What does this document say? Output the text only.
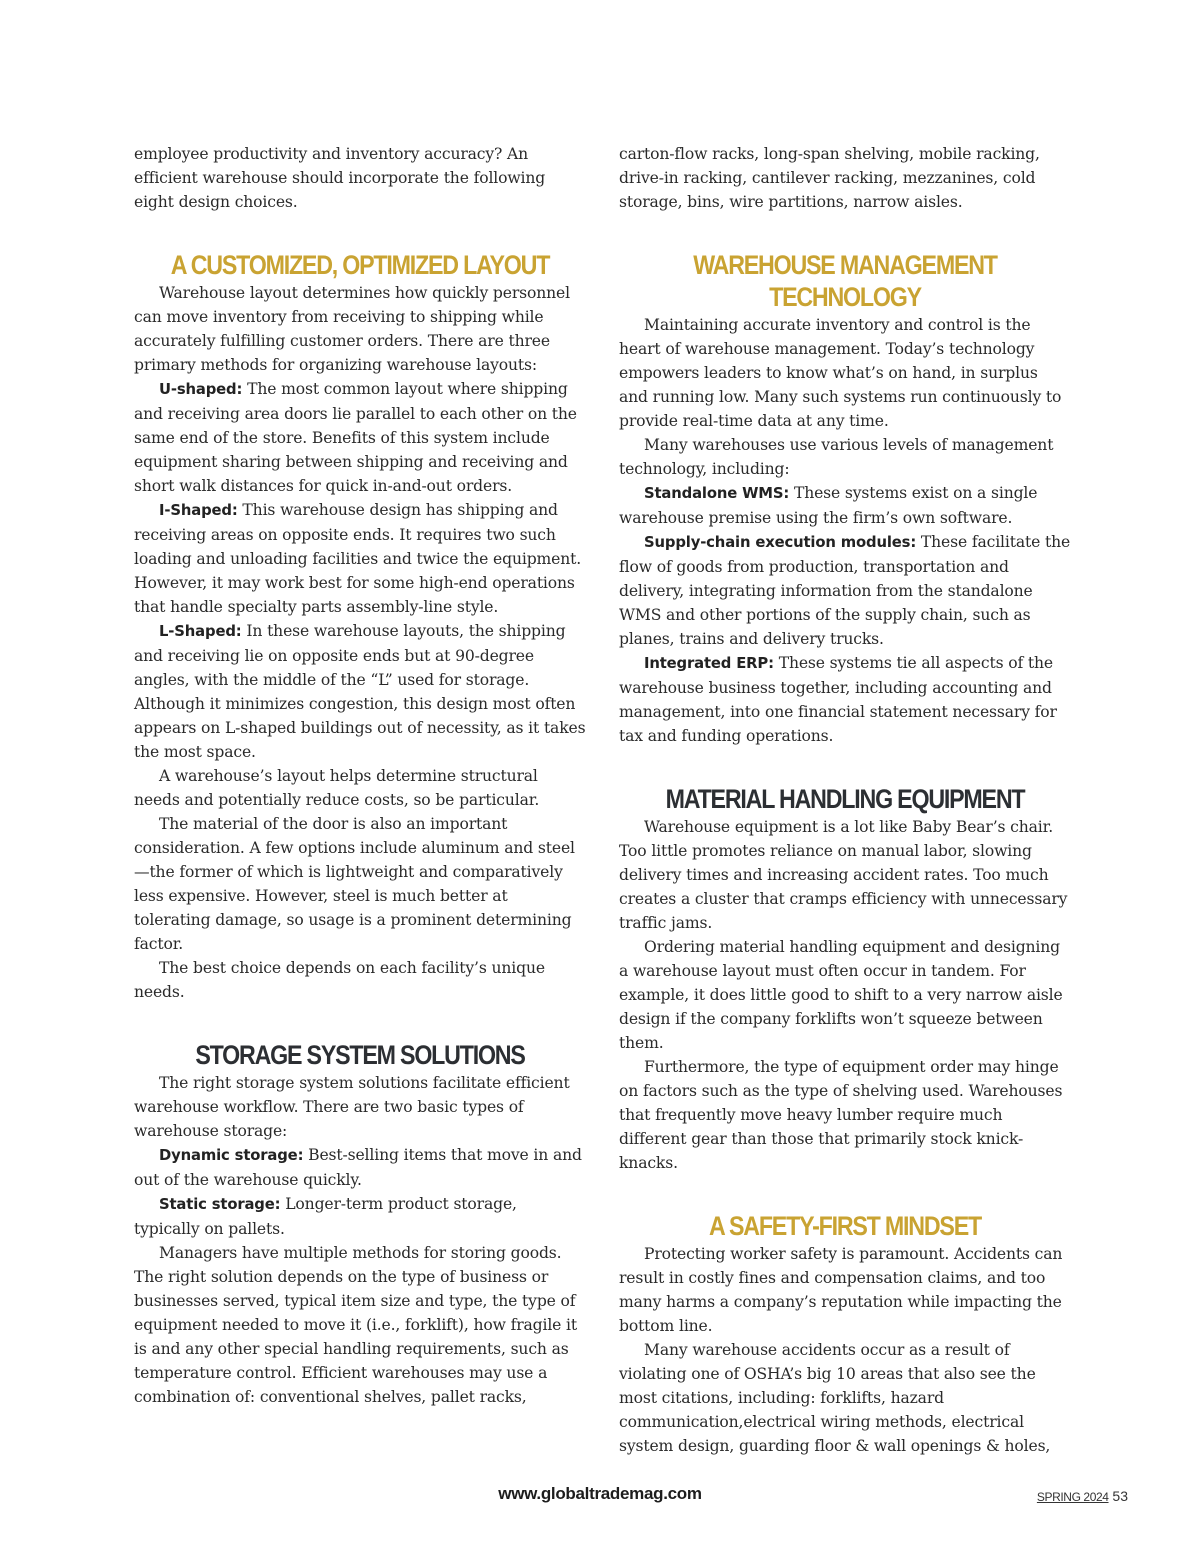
employee productivity and inventory accuracy? An efficient warehouse should incorporate the following eight design choices.

A CUSTOMIZED, OPTIMIZED LAYOUT

Warehouse layout determines how quickly personnel can move inventory from receiving to shipping while accurately fulfilling customer orders. There are three primary methods for organizing warehouse layouts:

U-shaped: The most common layout where shipping and receiving area doors lie parallel to each other on the same end of the store. Benefits of this system include equipment sharing between shipping and receiving and short walk distances for quick in-and-out orders.

I-Shaped: This warehouse design has shipping and receiving areas on opposite ends. It requires two such loading and unloading facilities and twice the equipment. However, it may work best for some high-end operations that handle specialty parts assembly-line style.

L-Shaped: In these warehouse layouts, the shipping and receiving lie on opposite ends but at 90-degree angles, with the middle of the “L” used for storage. Although it minimizes congestion, this design most often appears on L-shaped buildings out of necessity, as it takes the most space.

A warehouse’s layout helps determine structural needs and potentially reduce costs, so be particular.

The material of the door is also an important consideration. A few options include aluminum and steel—the former of which is lightweight and comparatively less expensive. However, steel is much better at tolerating damage, so usage is a prominent determining factor.

The best choice depends on each facility’s unique needs.

STORAGE SYSTEM SOLUTIONS

The right storage system solutions facilitate efficient warehouse workflow. There are two basic types of warehouse storage:

Dynamic storage: Best-selling items that move in and out of the warehouse quickly.

Static storage: Longer-term product storage, typically on pallets.

Managers have multiple methods for storing goods. The right solution depends on the type of business or businesses served, typical item size and type, the type of equipment needed to move it (i.e., forklift), how fragile it is and any other special handling requirements, such as temperature control. Efficient warehouses may use a combination of: conventional shelves, pallet racks,

carton-flow racks, long-span shelving, mobile racking, drive-in racking, cantilever racking, mezzanines, cold storage, bins, wire partitions, narrow aisles.

WAREHOUSE MANAGEMENT TECHNOLOGY

Maintaining accurate inventory and control is the heart of warehouse management. Today’s technology empowers leaders to know what’s on hand, in surplus and running low. Many such systems run continuously to provide real-time data at any time.

Many warehouses use various levels of management technology, including:

Standalone WMS: These systems exist on a single warehouse premise using the firm’s own software.

Supply-chain execution modules: These facilitate the flow of goods from production, transportation and delivery, integrating information from the standalone WMS and other portions of the supply chain, such as planes, trains and delivery trucks.

Integrated ERP: These systems tie all aspects of the warehouse business together, including accounting and management, into one financial statement necessary for tax and funding operations.

MATERIAL HANDLING EQUIPMENT

Warehouse equipment is a lot like Baby Bear’s chair. Too little promotes reliance on manual labor, slowing delivery times and increasing accident rates. Too much creates a cluster that cramps efficiency with unnecessary traffic jams.

Ordering material handling equipment and designing a warehouse layout must often occur in tandem. For example, it does little good to shift to a very narrow aisle design if the company forklifts won’t squeeze between them.

Furthermore, the type of equipment order may hinge on factors such as the type of shelving used. Warehouses that frequently move heavy lumber require much different gear than those that primarily stock knick-knacks.

A SAFETY-FIRST MINDSET

Protecting worker safety is paramount. Accidents can result in costly fines and compensation claims, and too many harms a company’s reputation while impacting the bottom line.

Many warehouse accidents occur as a result of violating one of OSHA’s big 10 areas that also see the most citations, including: forklifts, hazard communication,electrical wiring methods, electrical system design, guarding floor & wall openings & holes,

www.globaltrademag.com	SPRING 2024 53
